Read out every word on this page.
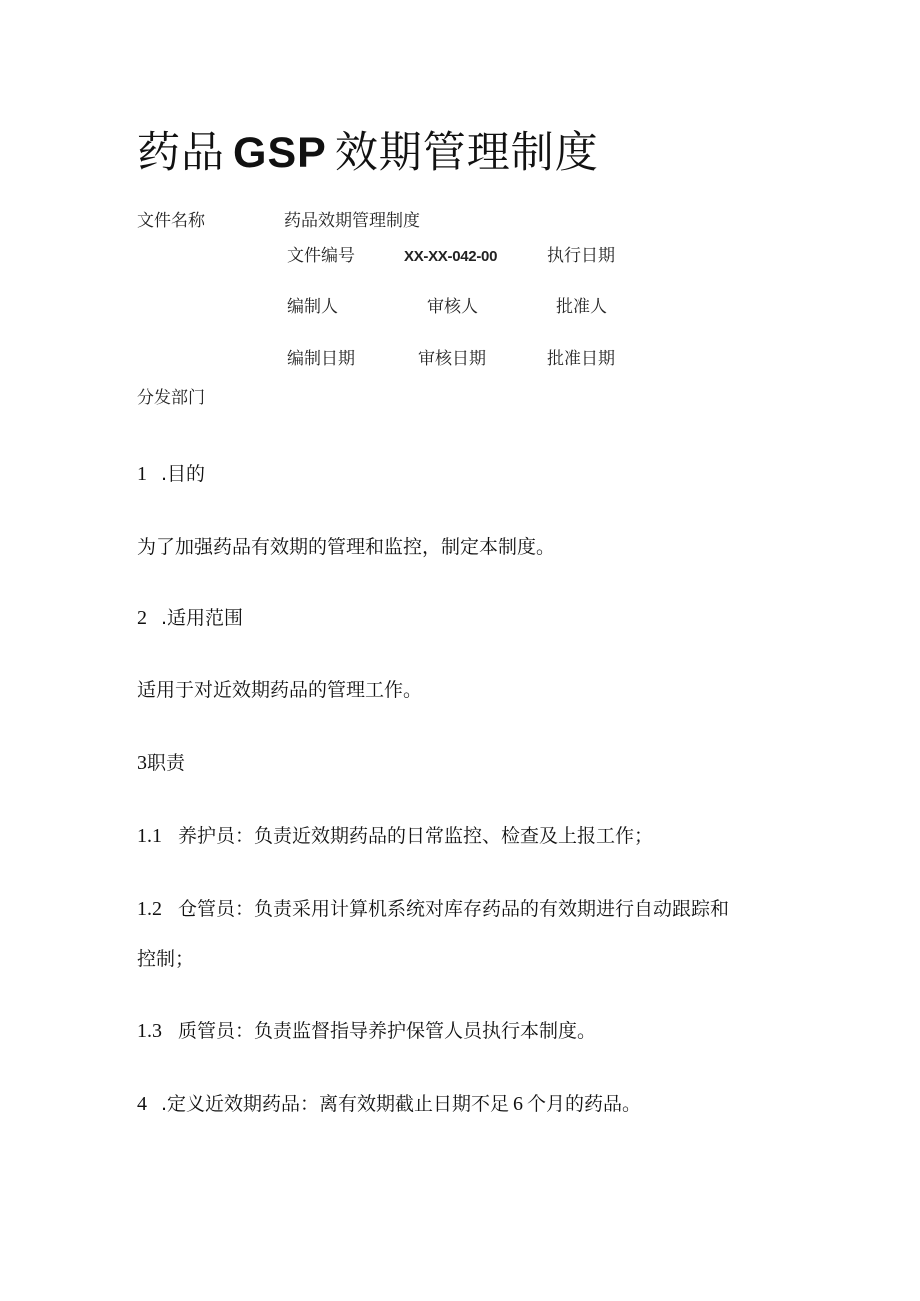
药品 GSP 效期管理制度
文件名称	药品效期管理制度
文件编号	XX-XX-042-00	执行日期
编制人	审核人	批准人
编制日期	审核日期	批准日期
分发部门
1 .目的
为了加强药品有效期的管理和监控，制定本制度。
2 .适用范围
适用于对近效期药品的管理工作。
3职责
1.1 养护员：负责近效期药品的日常监控、检查及上报工作；
1.2 仓管员：负责采用计算机系统对库存药品的有效期进行自动跟踪和
控制；
1.3 质管员：负责监督指导养护保管人员执行本制度。
4 .定义近效期药品：离有效期截止日期不足 6 个月的药品。
